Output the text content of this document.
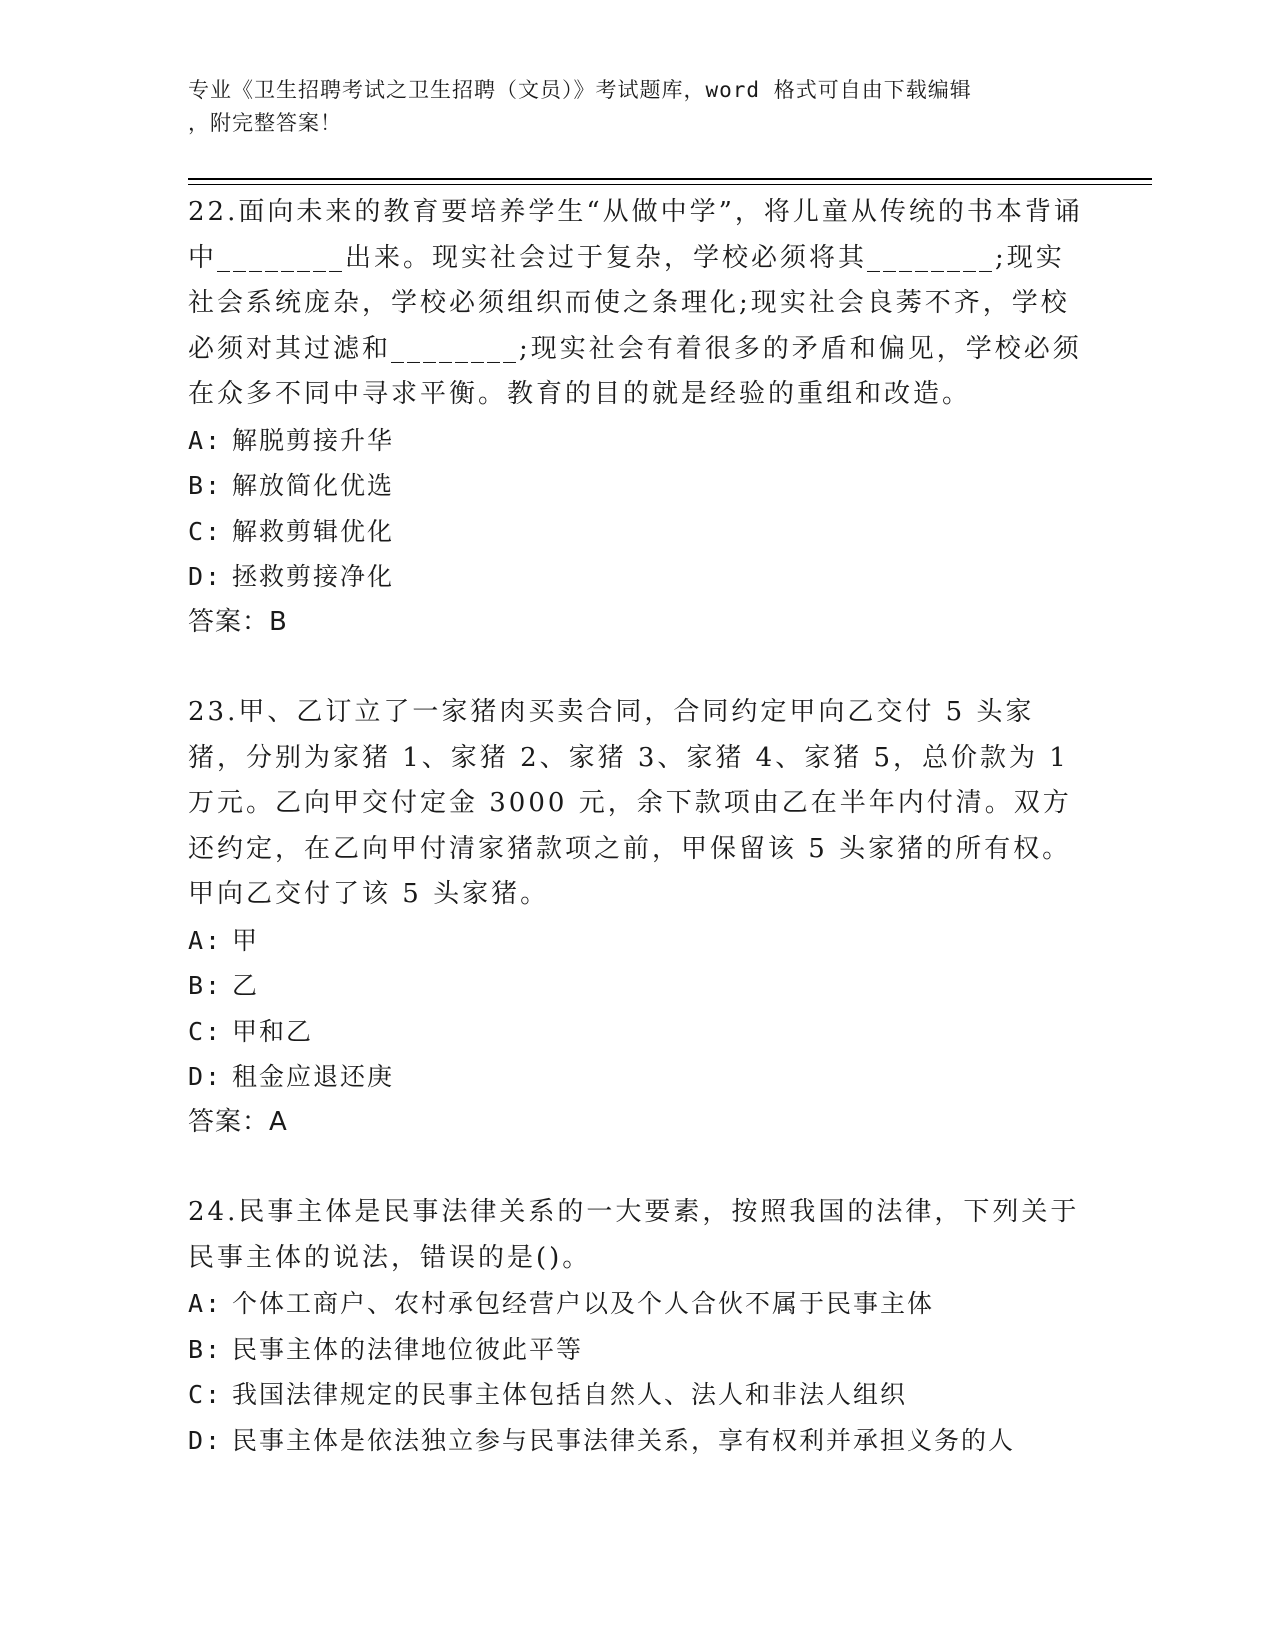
专业《卫生招聘考试之卫生招聘（文员）》考试题库，word 格式可自由下载编辑
，附完整答案！

22.面向未来的教育要培养学生“从做中学”，将儿童从传统的书本背诵中________出来。现实社会过于复杂，学校必须将其________;现实社会系统庞杂，学校必须组织而使之条理化;现实社会良莠不齐，学校必须对其过滤和________;现实社会有着很多的矛盾和偏见，学校必须在众多不同中寻求平衡。教育的目的就是经验的重组和改造。

A: 解脱剪接升华

B: 解放简化优选

C: 解救剪辑优化

D: 拯救剪接净化

答案：B

23.甲、乙订立了一家猪肉买卖合同，合同约定甲向乙交付 5 头家猪，分别为家猪 1、家猪 2、家猪 3、家猪 4、家猪 5，总价款为 1 万元。乙向甲交付定金 3000 元，余下款项由乙在半年内付清。双方还约定，在乙向甲付清家猪款项之前，甲保留该 5 头家猪的所有权。甲向乙交付了该 5 头家猪。

A: 甲

B: 乙

C: 甲和乙

D: 租金应退还庚

答案：A

24.民事主体是民事法律关系的一大要素，按照我国的法律，下列关于民事主体的说法，错误的是()。

A: 个体工商户、农村承包经营户以及个人合伙不属于民事主体

B: 民事主体的法律地位彼此平等

C: 我国法律规定的民事主体包括自然人、法人和非法人组织

D: 民事主体是依法独立参与民事法律关系，享有权利并承担义务的人
